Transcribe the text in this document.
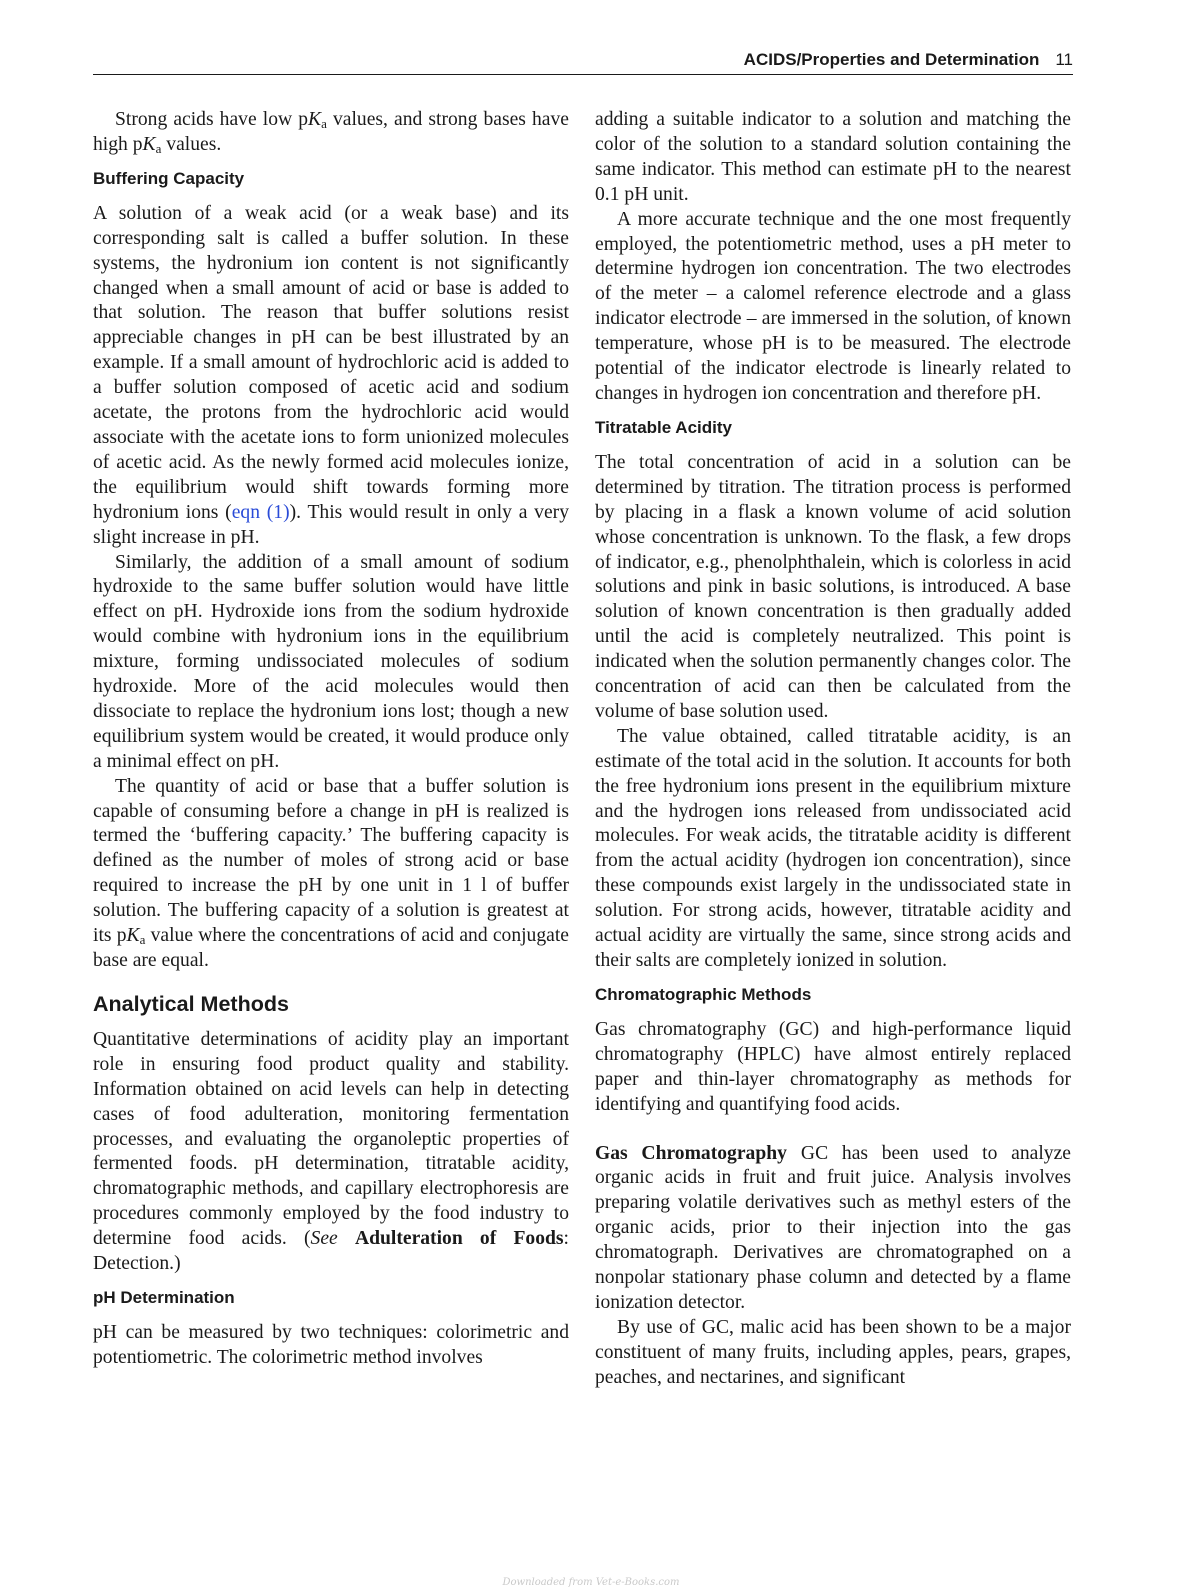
ACIDS/Properties and Determination 11

Strong acids have low $pK_a$ values, and strong bases have high $pK_a$ values.

Buffering Capacity

A solution of a weak acid (or a weak base) and its corresponding salt is called a buffer solution. In these systems, the hydronium ion content is not significantly changed when a small amount of acid or base is added to that solution. The reason that buffer solutions resist appreciable changes in pH can be best illustrated by an example. If a small amount of hydrochloric acid is added to a buffer solution composed of acetic acid and sodium acetate, the protons from the hydrochloric acid would associate with the acetate ions to form unionized molecules of acetic acid. As the newly formed acid molecules ionize, the equilibrium would shift towards forming more hydronium ions (eqn (1)). This would result in only a very slight increase in pH.

Similarly, the addition of a small amount of sodium hydroxide to the same buffer solution would have little effect on pH. Hydroxide ions from the sodium hydroxide would combine with hydronium ions in the equilibrium mixture, forming undissociated molecules of sodium hydroxide. More of the acid molecules would then dissociate to replace the hydronium ions lost; though a new equilibrium system would be created, it would produce only a minimal effect on pH.

The quantity of acid or base that a buffer solution is capable of consuming before a change in pH is realized is termed the ‘buffering capacity.’ The buffering capacity is defined as the number of moles of strong acid or base required to increase the pH by one unit in 1 l of buffer solution. The buffering capacity of a solution is greatest at its $pK_a$ value where the concentrations of acid and conjugate base are equal.

Analytical Methods

Quantitative determinations of acidity play an important role in ensuring food product quality and stability. Information obtained on acid levels can help in detecting cases of food adulteration, monitoring fermentation processes, and evaluating the organoleptic properties of fermented foods. pH determination, titratable acidity, chromatographic methods, and capillary electrophoresis are procedures commonly employed by the food industry to determine food acids. (See Adulteration of Foods: Detection.)

pH Determination

pH can be measured by two techniques: colorimetric and potentiometric. The colorimetric method involves

adding a suitable indicator to a solution and matching the color of the solution to a standard solution containing the same indicator. This method can estimate pH to the nearest 0.1 pH unit.

A more accurate technique and the one most frequently employed, the potentiometric method, uses a pH meter to determine hydrogen ion concentration. The two electrodes of the meter – a calomel reference electrode and a glass indicator electrode – are immersed in the solution, of known temperature, whose pH is to be measured. The electrode potential of the indicator electrode is linearly related to changes in hydrogen ion concentration and therefore pH.

Titratable Acidity

The total concentration of acid in a solution can be determined by titration. The titration process is performed by placing in a flask a known volume of acid solution whose concentration is unknown. To the flask, a few drops of indicator, e.g., phenolphthalein, which is colorless in acid solutions and pink in basic solutions, is introduced. A base solution of known concentration is then gradually added until the acid is completely neutralized. This point is indicated when the solution permanently changes color. The concentration of acid can then be calculated from the volume of base solution used.

The value obtained, called titratable acidity, is an estimate of the total acid in the solution. It accounts for both the free hydronium ions present in the equilibrium mixture and the hydrogen ions released from undissociated acid molecules. For weak acids, the titratable acidity is different from the actual acidity (hydrogen ion concentration), since these compounds exist largely in the undissociated state in solution. For strong acids, however, titratable acidity and actual acidity are virtually the same, since strong acids and their salts are completely ionized in solution.

Chromatographic Methods

Gas chromatography (GC) and high-performance liquid chromatography (HPLC) have almost entirely replaced paper and thin-layer chromatography as methods for identifying and quantifying food acids.

Gas Chromatography GC has been used to analyze organic acids in fruit and fruit juice. Analysis involves preparing volatile derivatives such as methyl esters of the organic acids, prior to their injection into the gas chromatograph. Derivatives are chromatographed on a nonpolar stationary phase column and detected by a flame ionization detector.

By use of GC, malic acid has been shown to be a major constituent of many fruits, including apples, pears, grapes, peaches, and nectarines, and significant

Downloaded from Vet-e-Books.com
